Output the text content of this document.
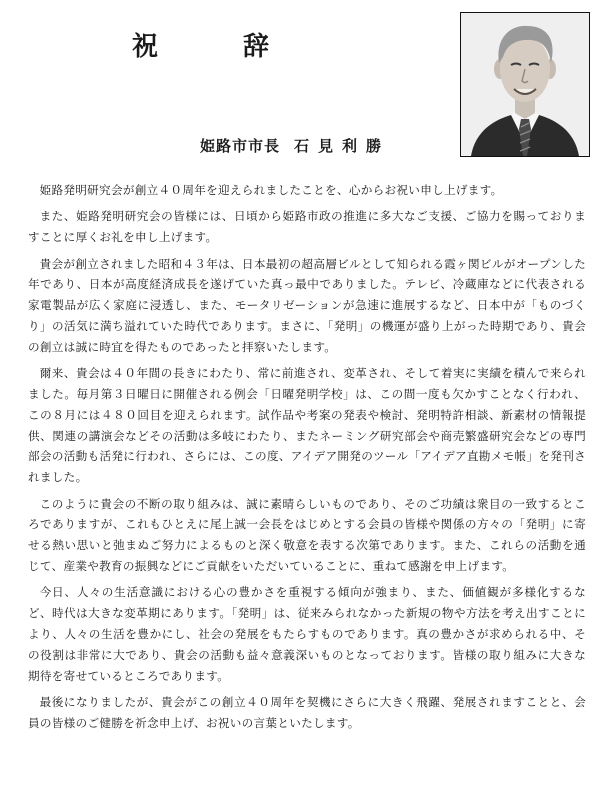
祝 辞
姫路市市長 石見利勝

姫路発明研究会が創立４０周年を迎えられましたことを、心からお祝い申し上げます。

また、姫路発明研究会の皆様には、日頃から姫路市政の推進に多大なご支援、ご協力を賜っておりますことに厚くお礼を申し上げます。

貴会が創立されました昭和４３年は、日本最初の超高層ビルとして知られる霞ヶ関ビルがオープンした年であり、日本が高度経済成長を遂げていた真っ最中でありました。テレビ、冷蔵庫などに代表される家電製品が広く家庭に浸透し、また、モータリゼーションが急速に進展するなど、日本中が「ものづくり」の活気に満ち溢れていた時代であります。まさに、「発明」の機運が盛り上がった時期であり、貴会の創立は誠に時宜を得たものであったと拝察いたします。

爾来、貴会は４０年間の長きにわたり、常に前進され、変革され、そして着実に実績を積んで来られました。毎月第３日曜日に開催される例会「日曜発明学校」は、この間一度も欠かすことなく行われ、この８月には４８０回目を迎えられます。試作品や考案の発表や検討、発明特許相談、新素材の情報提供、関連の講演会などその活動は多岐にわたり、またネーミング研究部会や商売繁盛研究会などの専門部会の活動も活発に行われ、さらには、この度、アイデア開発のツール「アイデア直勘メモ帳」を発刊されました。

このように貴会の不断の取り組みは、誠に素晴らしいものであり、そのご功績は衆目の一致するところでありますが、これもひとえに尾上誠一会長をはじめとする会員の皆様や関係の方々の「発明」に寄せる熱い思いと弛まぬご努力によるものと深く敬意を表する次第であります。また、これらの活動を通じて、産業や教育の振興などにご貢献をいただいていることに、重ねて感謝を申上げます。

今日、人々の生活意識における心の豊かさを重視する傾向が強まり、また、価値観が多様化するなど、時代は大きな変革期にあります。「発明」は、従来みられなかった新規の物や方法を考え出すことにより、人々の生活を豊かにし、社会の発展をもたらすものであります。真の豊かさが求められる中、その役割は非常に大であり、貴会の活動も益々意義深いものとなっております。皆様の取り組みに大きな期待を寄せているところであります。

最後になりましたが、貴会がこの創立４０周年を契機にさらに大きく飛躍、発展されますことと、会員の皆様のご健勝を祈念申上げ、お祝いの言葉といたします。
